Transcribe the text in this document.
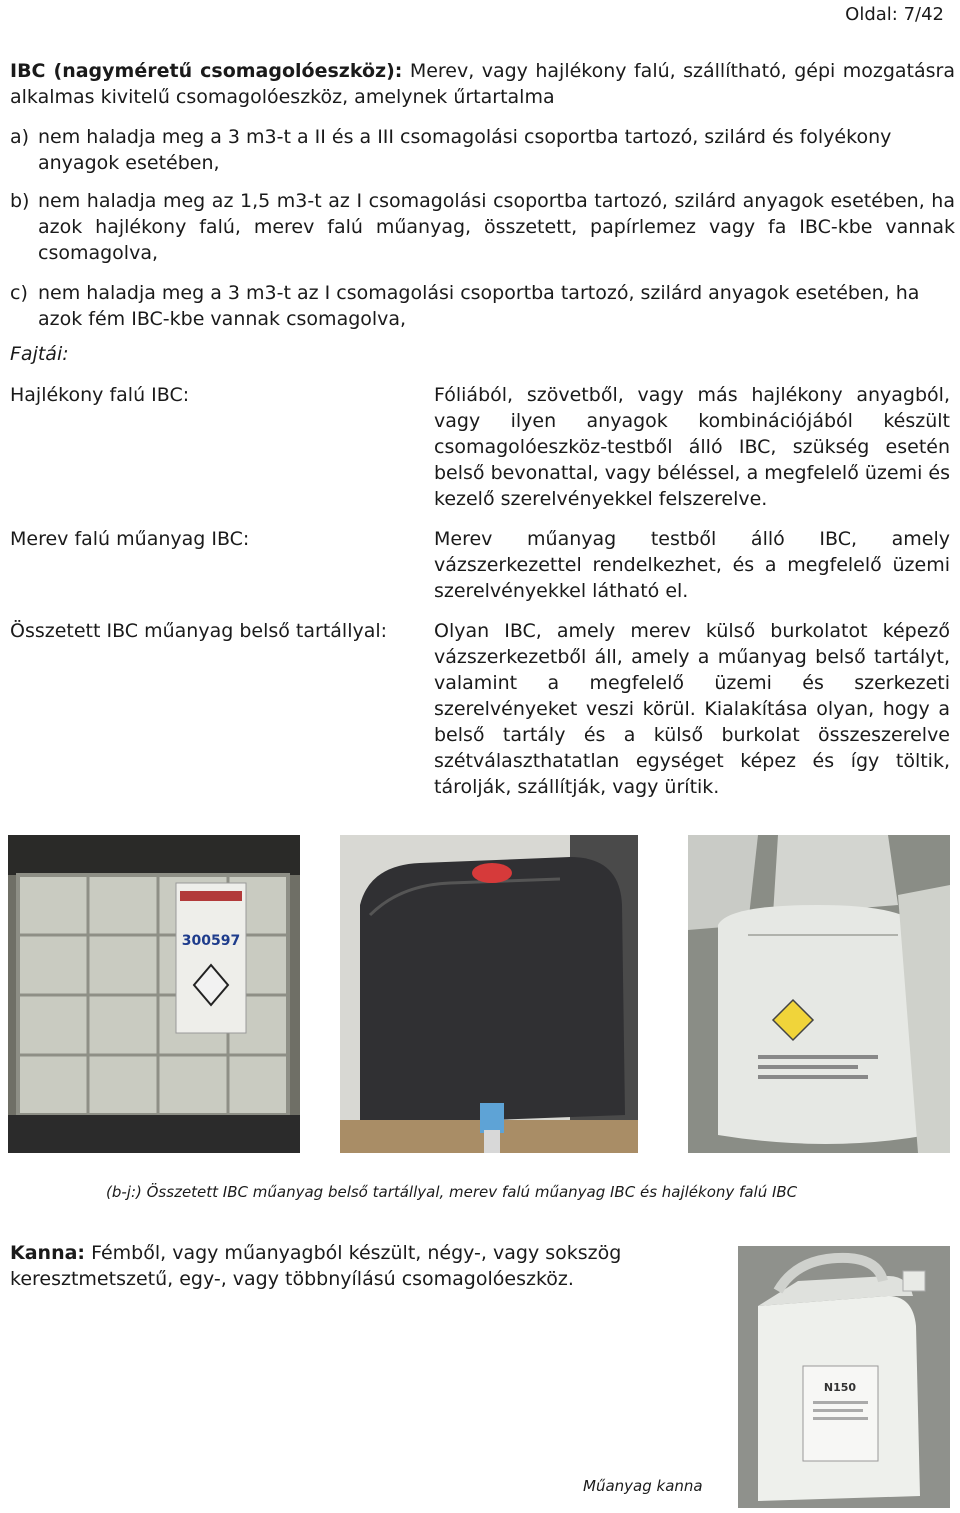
Oldal: 7/42
IBC (nagyméretű csomagolóeszköz): Merev, vagy hajlékony falú, szállítható, gépi mozgatásra alkalmas kivitelű csomagolóeszköz, amelynek űrtartalma
a) nem haladja meg a 3 m3-t a II és a III csomagolási csoportba tartozó, szilárd és folyékony anyagok esetében,
b) nem haladja meg az 1,5 m3-t az I csomagolási csoportba tartozó, szilárd anyagok esetében, ha azok hajlékony falú, merev falú műanyag, összetett, papírlemez vagy fa IBC-kbe vannak csomagolva,
c) nem haladja meg a 3 m3-t az I csomagolási csoportba tartozó, szilárd anyagok esetében, ha azok fém IBC-kbe vannak csomagolva,
Fajtái:
Hajlékony falú IBC:	Fóliából, szövetből, vagy más hajlékony anyagból, vagy ilyen anyagok kombinációjából készült csomagolóeszköz-testből álló IBC, szükség esetén belső bevonattal, vagy béléssel, a megfelelő üzemi és kezelő szerelvényekkel felszerelve.
Merev falú műanyag IBC:	Merev műanyag testből álló IBC, amely vázszerkezettel rendelkezhet, és a megfelelő üzemi szerelvényekkel látható el.
Összetett IBC műanyag belső tartállyal: Olyan IBC, amely merev külső burkolatot képező vázszerkezetből áll, amely a műanyag belső tartályt, valamint a megfelelő üzemi és szerkezeti szerelvényeket veszi körül. Kialakítása olyan, hogy a belső tartály és a külső burkolat összeszerelve szétválaszthatatlan egységet képez és így töltik, tárolják, szállítják, vagy ürítik.
300597
(b-j:) Összetett IBC műanyag belső tartállyal, merev falú műanyag IBC és hajlékony falú IBC
Kanna: Fémből, vagy műanyagból készült, négy-, vagy sokszög keresztmetszetű, egy-, vagy többnyílású csomagolóeszköz.
N150
Műanyag kanna
